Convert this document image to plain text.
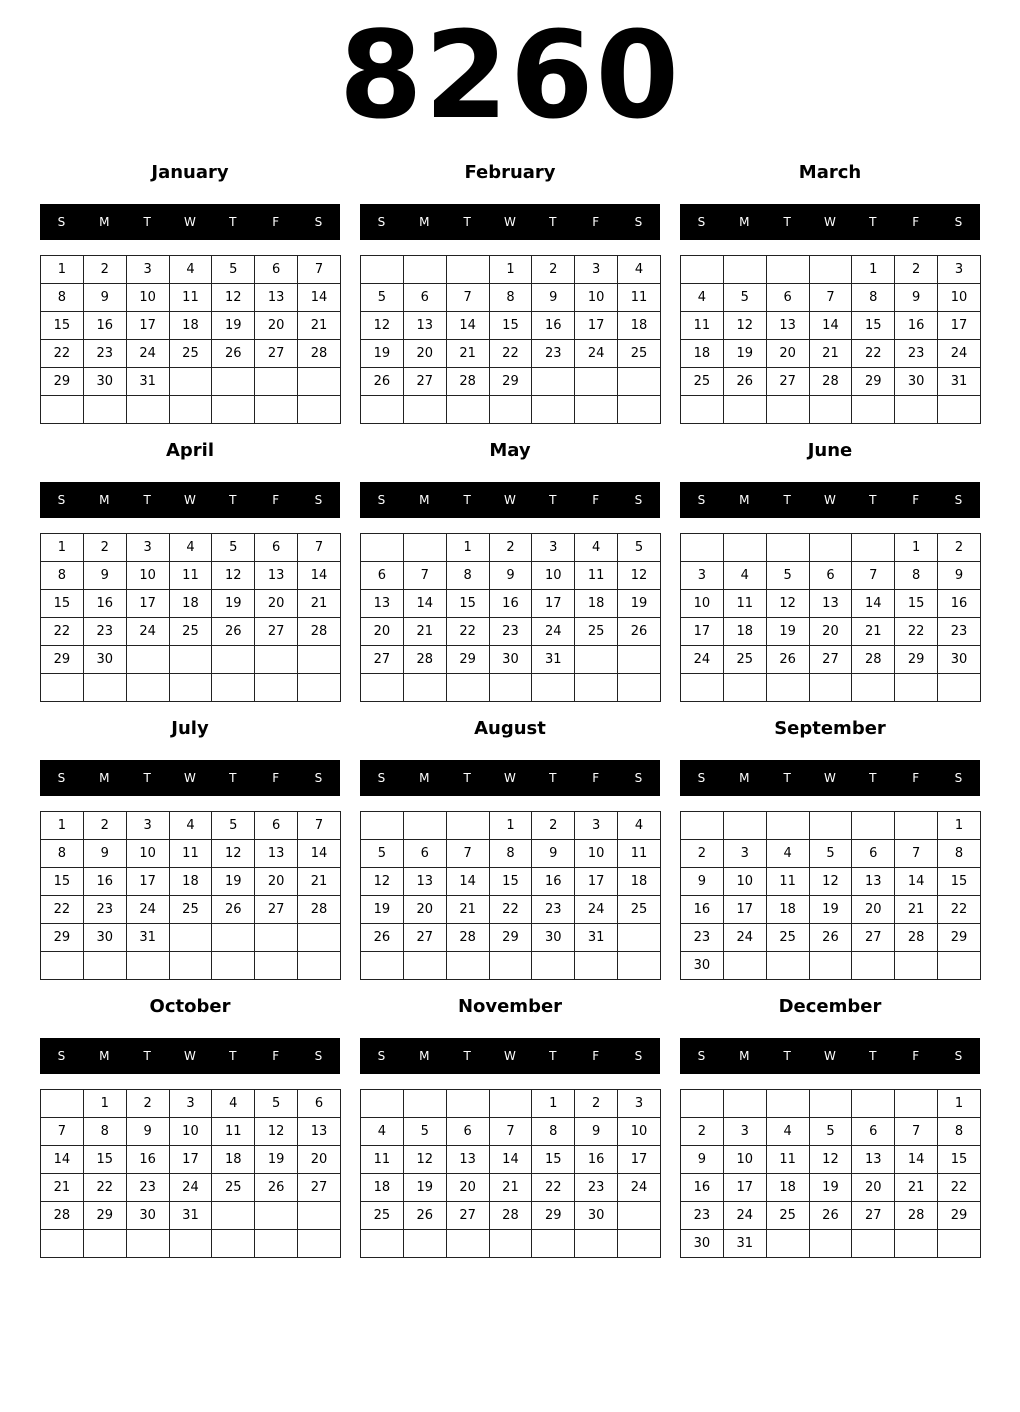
8260
January
S	M	T	W	T	F	S
1	2	3	4	5	6	7
8	9	10	11	12	13	14
15	16	17	18	19	20	21
22	23	24	25	26	27	28
29	30	31				

February
S	M	T	W	T	F	S
			1	2	3	4
5	6	7	8	9	10	11
12	13	14	15	16	17	18
19	20	21	22	23	24	25
26	27	28	29			

March
S	M	T	W	T	F	S
				1	2	3
4	5	6	7	8	9	10
11	12	13	14	15	16	17
18	19	20	21	22	23	24
25	26	27	28	29	30	31

April
S	M	T	W	T	F	S
1	2	3	4	5	6	7
8	9	10	11	12	13	14
15	16	17	18	19	20	21
22	23	24	25	26	27	28
29	30					

May
S	M	T	W	T	F	S
		1	2	3	4	5
6	7	8	9	10	11	12
13	14	15	16	17	18	19
20	21	22	23	24	25	26
27	28	29	30	31		

June
S	M	T	W	T	F	S
					1	2
3	4	5	6	7	8	9
10	11	12	13	14	15	16
17	18	19	20	21	22	23
24	25	26	27	28	29	30

July
S	M	T	W	T	F	S
1	2	3	4	5	6	7
8	9	10	11	12	13	14
15	16	17	18	19	20	21
22	23	24	25	26	27	28
29	30	31				

August
S	M	T	W	T	F	S
			1	2	3	4
5	6	7	8	9	10	11
12	13	14	15	16	17	18
19	20	21	22	23	24	25
26	27	28	29	30	31	

September
S	M	T	W	T	F	S
						1
2	3	4	5	6	7	8
9	10	11	12	13	14	15
16	17	18	19	20	21	22
23	24	25	26	27	28	29
30						
October
S	M	T	W	T	F	S
	1	2	3	4	5	6
7	8	9	10	11	12	13
14	15	16	17	18	19	20
21	22	23	24	25	26	27
28	29	30	31			

November
S	M	T	W	T	F	S
				1	2	3
4	5	6	7	8	9	10
11	12	13	14	15	16	17
18	19	20	21	22	23	24
25	26	27	28	29	30	

December
S	M	T	W	T	F	S
						1
2	3	4	5	6	7	8
9	10	11	12	13	14	15
16	17	18	19	20	21	22
23	24	25	26	27	28	29
30	31					
